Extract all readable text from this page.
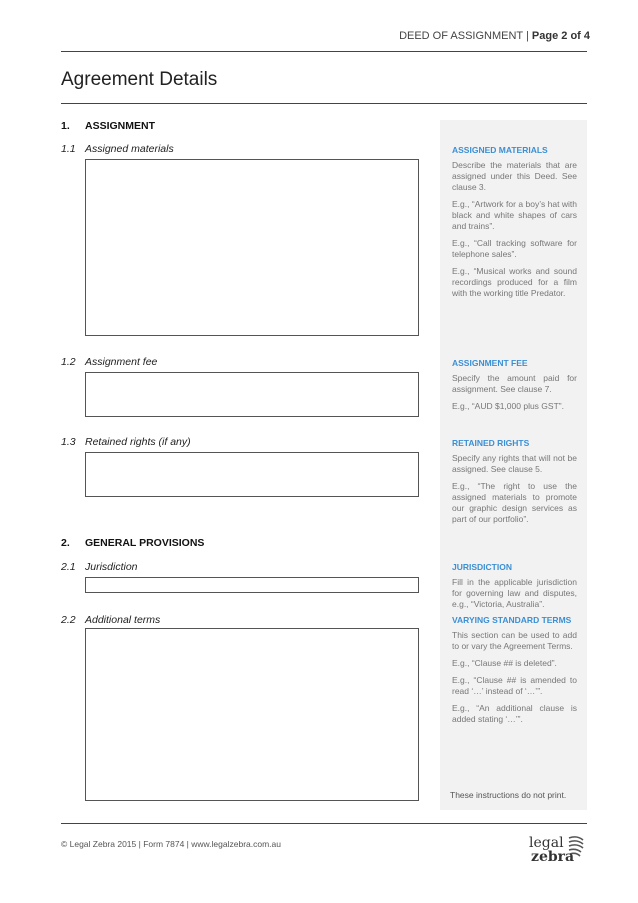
DEED OF ASSIGNMENT | Page 2 of 4
Agreement Details
1. ASSIGNMENT
1.1 Assigned materials	ASSIGNED MATERIALS

Describe the materials that are assigned under this Deed. See clause 3.

E.g., “Artwork for a boy’s hat with black and white shapes of cars and trains”.

E.g., “Call tracking software for telephone sales”.

E.g., “Musical works and sound recordings produced for a film with the working title Predator.

1.2 Assignment fee	ASSIGNMENT FEE

Specify the amount paid for assignment. See clause 7.

E.g., “AUD $1,000 plus GST”.

1.3 Retained rights (if any)	RETAINED RIGHTS

Specify any rights that will not be assigned. See clause 5.

E.g., “The right to use the assigned materials to promote our graphic design services as part of our portfolio”.

2. GENERAL PROVISIONS
2.1 Jurisdiction	JURISDICTION

Fill in the applicable jurisdiction for governing law and disputes, e.g., “Victoria, Australia”.

2.2 Additional terms	VARYING STANDARD TERMS

This section can be used to add to or vary the Agreement Terms.

E.g., “Clause ## is deleted”.

E.g., “Clause ## is amended to read ‘…’ instead of ‘…’”.

E.g., “An additional clause is added stating ‘…’”.

These instructions do not print.
© Legal Zebra 2015 | Form 7874 | www.legalzebra.com.au	legal
zebra
